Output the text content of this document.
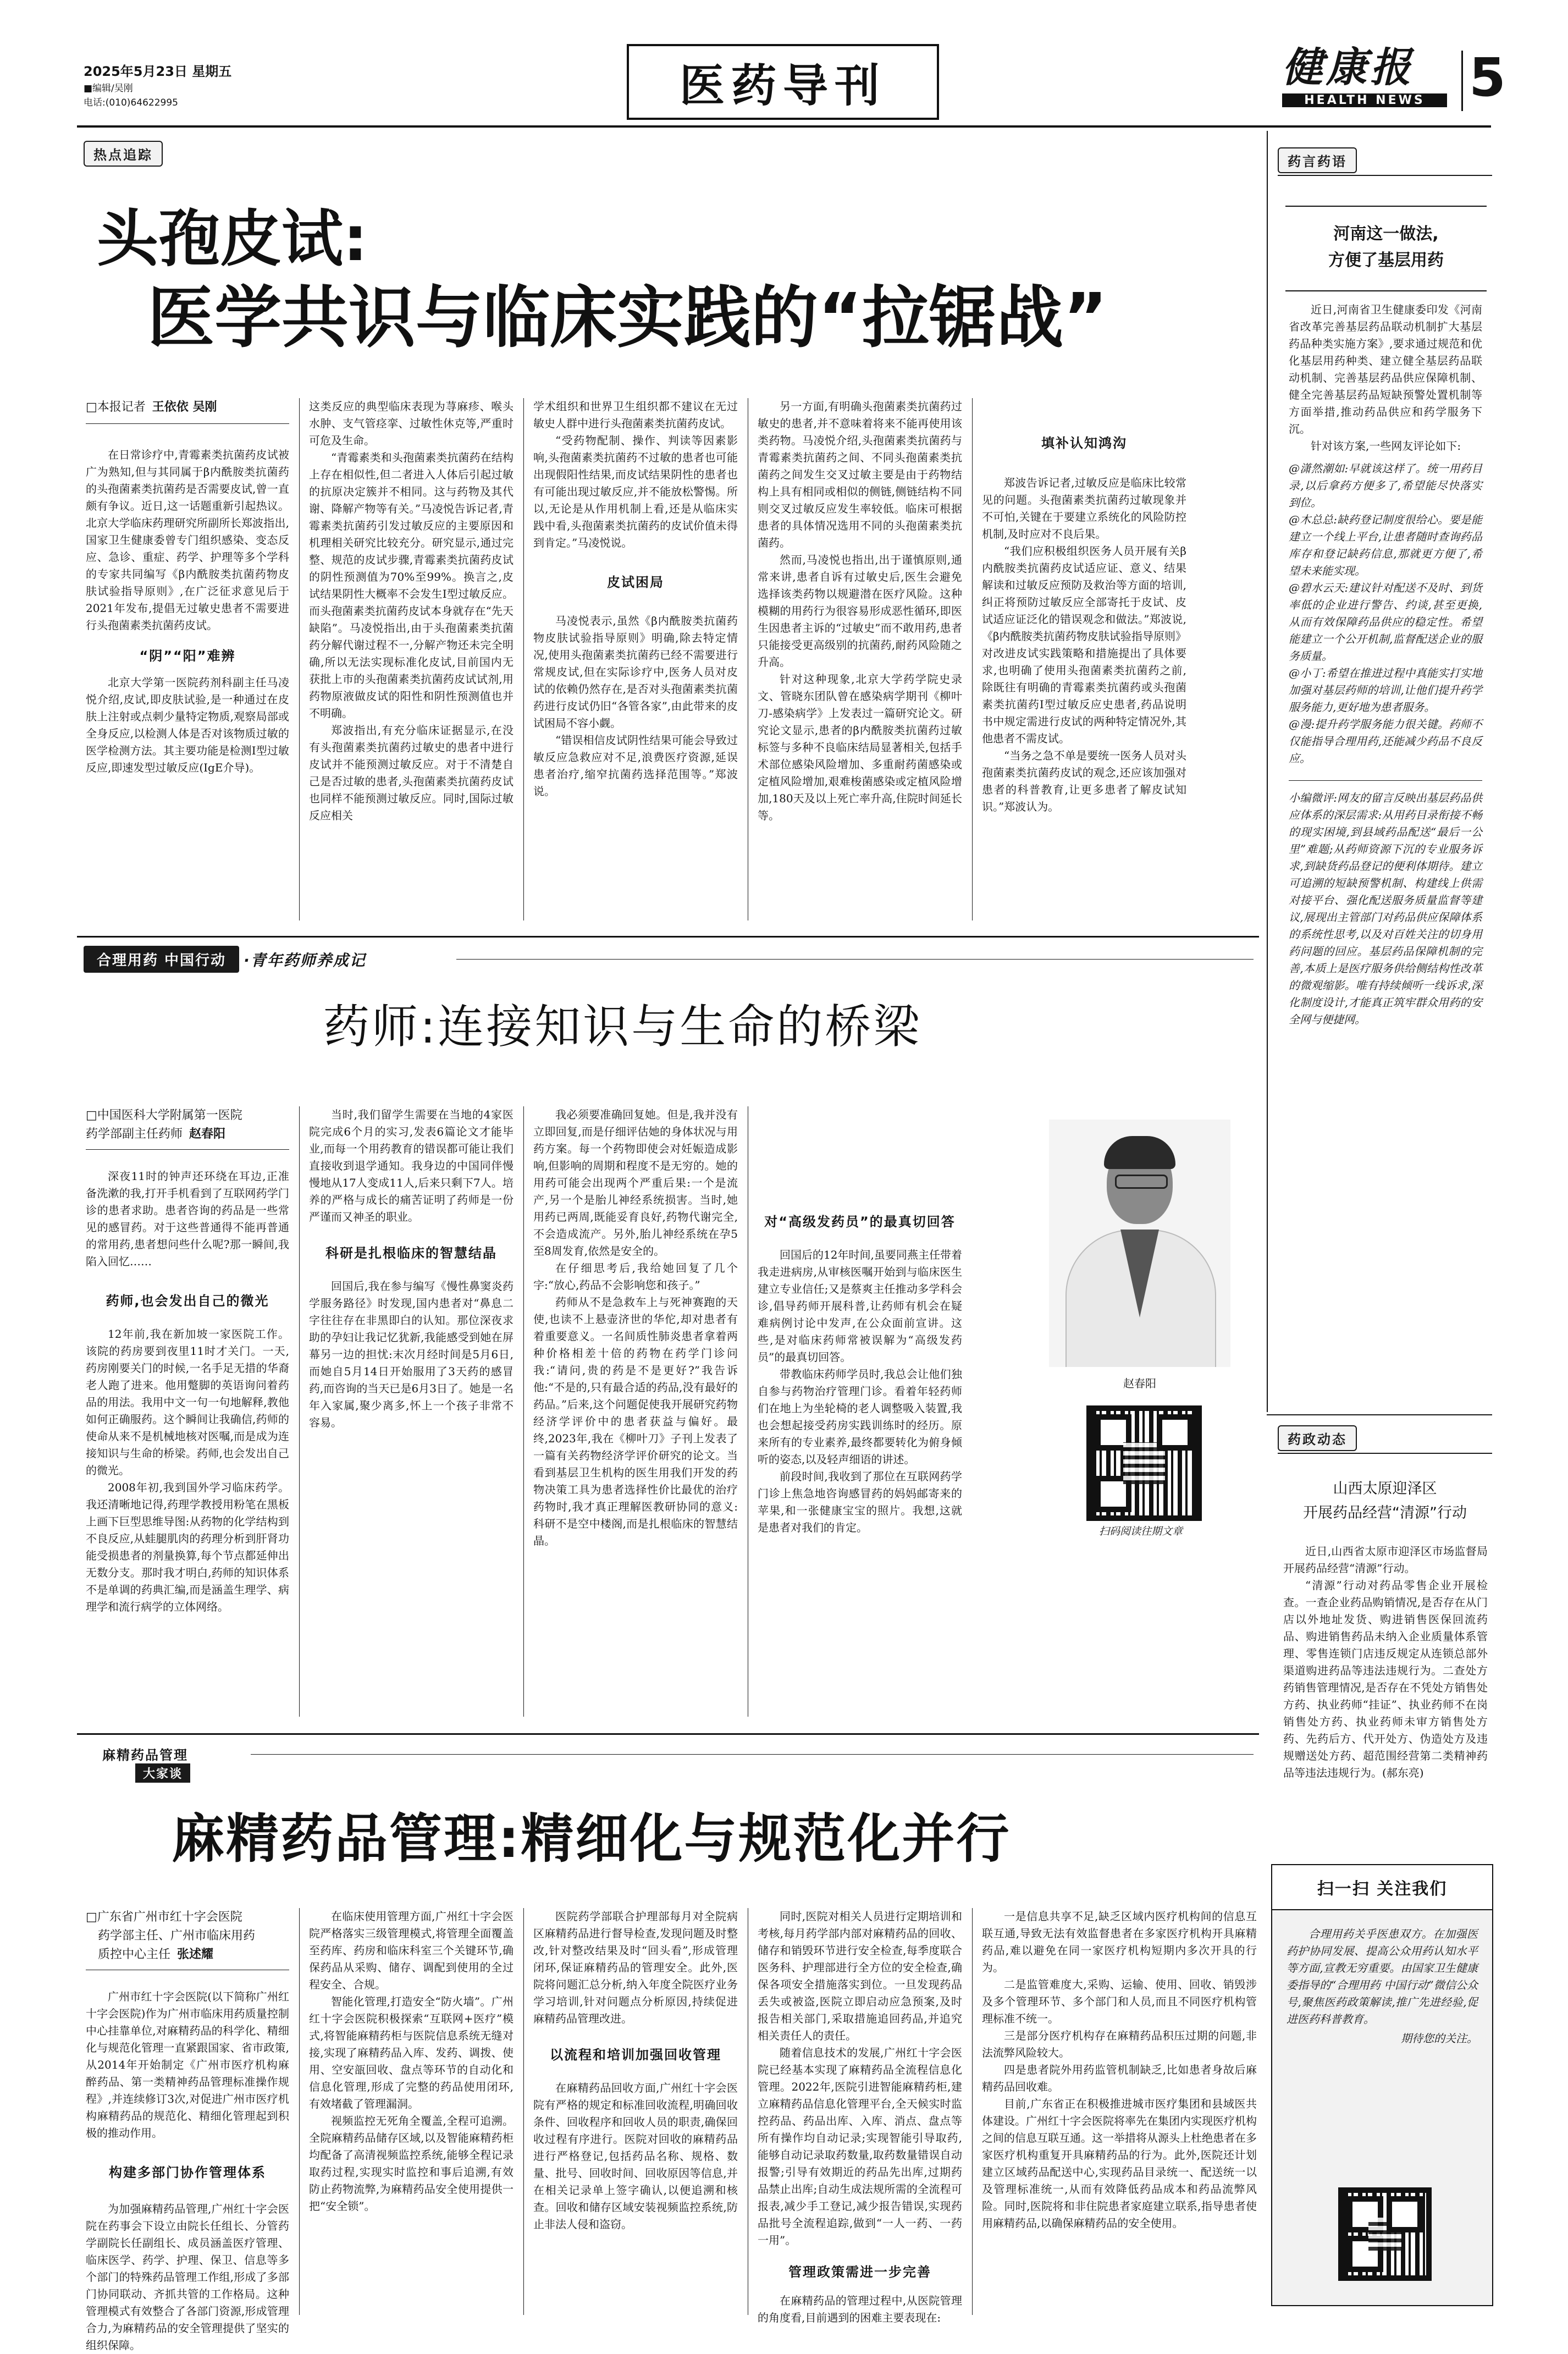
2025年5月23日 星期五
■编辑/吴刚
电话:(010)64622995	医药导刊	健康报
HEALTH NEWS 5
热点追踪
头孢皮试:
医学共识与临床实践的“拉锯战”
□本报记者 王依依 吴刚

在日常诊疗中,青霉素类抗菌药皮试被广为熟知,但与其同属于β内酰胺类抗菌药的头孢菌素类抗菌药是否需要皮试,曾一直颇有争议。近日,这一话题重新引起热议。北京大学临床药理研究所副所长郑波指出,国家卫生健康委曾专门组织感染、变态反应、急诊、重症、药学、护理等多个学科的专家共同编写《β内酰胺类抗菌药物皮肤试验指导原则》,在广泛征求意见后于2021年发布,提倡无过敏史患者不需要进行头孢菌素类抗菌药皮试。

“阴”“阳”难辨

北京大学第一医院药剂科副主任马凌悦介绍,皮试,即皮肤试验,是一种通过在皮肤上注射或点刺少量特定物质,观察局部或全身反应,以检测人体是否对该物质过敏的医学检测方法。其主要功能是检测Ⅰ型过敏反应,即速发型过敏反应(IgE介导)。

这类反应的典型临床表现为荨麻疹、喉头水肿、支气管痉挛、过敏性休克等,严重时可危及生命。

“青霉素类和头孢菌素类抗菌药在结构上存在相似性,但二者进入人体后引起过敏的抗原决定簇并不相同。这与药物及其代谢、降解产物等有关。”马凌悦告诉记者,青霉素类抗菌药引发过敏反应的主要原因和机理相关研究比较充分。研究显示,通过完整、规范的皮试步骤,青霉素类抗菌药皮试的阴性预测值为70%至99%。换言之,皮试结果阴性大概率不会发生Ⅰ型过敏反应。而头孢菌素类抗菌药皮试本身就存在“先天缺陷”。马凌悦指出,由于头孢菌素类抗菌药分解代谢过程不一,分解产物还未完全明确,所以无法实现标准化皮试,目前国内无获批上市的头孢菌素类抗菌药皮试试剂,用药物原液做皮试的阳性和阴性预测值也并不明确。

郑波指出,有充分临床证据显示,在没有头孢菌素类抗菌药过敏史的患者中进行皮试并不能预测过敏反应。对于不清楚自己是否过敏的患者,头孢菌素类抗菌药皮试也同样不能预测过敏反应。同时,国际过敏反应相关

学术组织和世界卫生组织都不建议在无过敏史人群中进行头孢菌素类抗菌药皮试。

“受药物配制、操作、判读等因素影响,头孢菌素类抗菌药不过敏的患者也可能出现假阳性结果,而皮试结果阴性的患者也有可能出现过敏反应,并不能放松警惕。所以,无论是从作用机制上看,还是从临床实践中看,头孢菌素类抗菌药的皮试价值未得到肯定。”马凌悦说。

皮试困局

马凌悦表示,虽然《β内酰胺类抗菌药物皮肤试验指导原则》明确,除去特定情况,使用头孢菌素类抗菌药已经不需要进行常规皮试,但在实际诊疗中,医务人员对皮试的依赖仍然存在,是否对头孢菌素类抗菌药进行皮试仍旧“各管各家”,由此带来的皮试困局不容小觑。

“错误相信皮试阴性结果可能会导致过敏反应急救应对不足,浪费医疗资源,延误患者治疗,缩窄抗菌药选择范围等。”郑波说。

另一方面,有明确头孢菌素类抗菌药过敏史的患者,并不意味着将来不能再使用该类药物。马凌悦介绍,头孢菌素类抗菌药与青霉素类抗菌药之间、不同头孢菌素类抗菌药之间发生交叉过敏主要是由于药物结构上具有相同或相似的侧链,侧链结构不同则交叉过敏反应发生率较低。临床可根据患者的具体情况选用不同的头孢菌素类抗菌药。

然而,马凌悦也指出,出于谨慎原则,通常来讲,患者自诉有过敏史后,医生会避免选择该类药物以规避潜在医疗风险。这种模糊的用药行为很容易形成恶性循环,即医生因患者主诉的“过敏史”而不敢用药,患者只能接受更高级别的抗菌药,耐药风险随之升高。

针对这种现象,北京大学药学院史录文、管晓东团队曾在感染病学期刊《柳叶刀-感染病学》上发表过一篇研究论文。研究论文显示,患者的β内酰胺类抗菌药过敏标签与多种不良临床结局显著相关,包括手术部位感染风险增加、多重耐药菌感染或定植风险增加,艰难梭菌感染或定植风险增加,180天及以上死亡率升高,住院时间延长等。

填补认知鸿沟

郑波告诉记者,过敏反应是临床比较常见的问题。头孢菌素类抗菌药过敏现象并不可怕,关键在于要建立系统化的风险防控机制,及时应对不良后果。

“我们应积极组织医务人员开展有关β内酰胺类抗菌药皮试适应证、意义、结果解读和过敏反应预防及救治等方面的培训,纠正将预防过敏反应全部寄托于皮试、皮试适应证泛化的错误观念和做法。”郑波说,《β内酰胺类抗菌药物皮肤试验指导原则》对改进皮试实践策略和措施提出了具体要求,也明确了使用头孢菌素类抗菌药之前,除既往有明确的青霉素类抗菌药或头孢菌素类抗菌药Ⅰ型过敏反应史患者,药品说明书中规定需进行皮试的两种特定情况外,其他患者不需皮试。

“当务之急不单是要统一医务人员对头孢菌素类抗菌药皮试的观念,还应该加强对患者的科普教育,让更多患者了解皮试知识。”郑波认为。

药言药语
河南这一做法,
方便了基层用药

近日,河南省卫生健康委印发《河南省改革完善基层药品联动机制扩大基层药品种类实施方案》,要求通过规范和优化基层用药种类、建立健全基层药品联动机制、完善基层药品供应保障机制、健全完善基层药品短缺预警处置机制等方面举措,推动药品供应和药学服务下沉。

针对该方案,一些网友评论如下:

@潇然潮如:早就该这样了。统一用药目录,以后拿药方便多了,希望能尽快落实到位。

@木总总:缺药登记制度很给心。要是能建立一个线上平台,让患者随时查询药品库存和登记缺药信息,那就更方便了,希望未来能实现。

@碧水云天:建议针对配送不及时、到货率低的企业进行警告、约谈,甚至更换,从而有效保障药品供应的稳定性。希望能建立一个公开机制,监督配送企业的服务质量。

@小丁:希望在推进过程中真能实打实地加强对基层药师的培训,让他们提升药学服务能力,更好地为患者服务。

@漫:提升药学服务能力很关键。药师不仅能指导合理用药,还能减少药品不良反应。

小编微评:网友的留言反映出基层药品供应体系的深层需求:从用药目录衔接不畅的现实困境,到县域药品配送“最后一公里”难题;从药师资源下沉的专业服务诉求,到缺货药品登记的便利体期待。建立可追溯的短缺预警机制、构建线上供需对接平台、强化配送服务质量监督等建议,展现出主管部门对药品供应保障体系的系统性思考,以及对百姓关注的切身用药问题的回应。基层药品保障机制的完善,本质上是医疗服务供给侧结构性改革的微观缩影。唯有持续倾听一线诉求,深化制度设计,才能真正筑牢群众用药的安全网与便捷网。

合理用药 中国行动	·青年药师养成记
药师:连接知识与生命的桥梁
□中国医科大学附属第一医院
药学部副主任药师 赵春阳

深夜11时的钟声还环绕在耳边,正准备洗漱的我,打开手机看到了互联网药学门诊的患者求助。患者咨询的药品是一些常见的感冒药。对于这些普通得不能再普通的常用药,患者想问些什么呢?那一瞬间,我陷入回忆……

药师,也会发出自己的微光

12年前,我在新加坡一家医院工作。该院的药房要到夜里11时才关门。一天,药房刚要关门的时候,一名手足无措的华裔老人跑了进来。他用蹩脚的英语询问着药品的用法。我用中文一句一句地解释,教他如何正确服药。这个瞬间让我确信,药师的使命从来不是机械地核对医嘱,而是成为连接知识与生命的桥梁。药师,也会发出自己的微光。

2008年初,我到国外学习临床药学。我还清晰地记得,药理学教授用粉笔在黑板上画下巨型思维导图:从药物的化学结构到不良反应,从蛙腿肌肉的药理分析到肝肾功能受损患者的剂量换算,每个节点都延伸出无数分支。那时我才明白,药师的知识体系不是单调的药典汇编,而是涵盖生理学、病理学和流行病学的立体网络。

当时,我们留学生需要在当地的4家医院完成6个月的实习,发表6篇论文才能毕业,而每一个用药教育的错误都可能让我们直接收到退学通知。我身边的中国同伴慢慢地从17人变成11人,后来只剩下7人。培养的严格与成长的痛苦证明了药师是一份严谨而又神圣的职业。

科研是扎根临床的智慧结晶

回国后,我在参与编写《慢性鼻窦炎药学服务路径》时发现,国内患者对“鼻息二字往往存在非黑即白的认知。那位深夜求助的孕妇让我记忆犹新,我能感受到她在屏幕另一边的担忧:末次月经时间是5月6日,而她自5月14日开始服用了3天药的感冒药,而咨询的当天已是6月3日了。她是一名年入家属,聚少离多,怀上一个孩子非常不容易。

我必须要准确回复她。但是,我并没有立即回复,而是仔细评估她的身体状况与用药方案。每一个药物即使会对妊娠造成影响,但影响的周期和程度不是无穷的。她的用药可能会出现两个严重后果:一个是流产,另一个是胎儿神经系统损害。当时,她用药已两周,既能妥育良好,药物代谢完全,不会造成流产。另外,胎儿神经系统在孕5至8周发育,依然是安全的。

在仔细思考后,我给她回复了几个字:“放心,药品不会影响您和孩子。”

药师从不是急救车上与死神赛跑的天使,也读不上悬壶济世的华佗,却对患者有着重要意义。一名间质性肺炎患者拿着两种价格相差十倍的药物在药学门诊问我:“请问,贵的药是不是更好?”我告诉他:“不是的,只有最合适的药品,没有最好的药品。”后来,这个问题促使我开展研究药物经济学评价中的患者获益与偏好。最终,2023年,我在《柳叶刀》子刊上发表了一篇有关药物经济学评价研究的论文。当看到基层卫生机构的医生用我们开发的药物决策工具为患者选择性价比最优的治疗药物时,我才真正理解医教研协同的意义:科研不是空中楼阁,而是扎根临床的智慧结晶。

对“高级发药员”的最真切回答

回国后的12年时间,虽要同燕主任带着我走进病房,从审核医嘱开始到与临床医生建立专业信任;又是蔡爽主任推动多学科会诊,倡导药师开展科普,让药师有机会在疑难病例讨论中发声,在公众面前宣讲。这些,是对临床药师常被误解为“高级发药员”的最真切回答。

带教临床药师学员时,我总会让他们独自参与药物治疗管理门诊。看着年轻药师们在地上为坐轮椅的老人调整吸入装置,我也会想起接受药房实践训练时的经历。原来所有的专业素养,最终都要转化为俯身倾听的姿态,以及轻声细语的讲述。

前段时间,我收到了那位在互联网药学门诊上焦急地咨询感冒药的妈妈邮寄来的苹果,和一张健康宝宝的照片。我想,这就是患者对我们的肯定。

赵春阳
扫码阅读往期文章
药政动态
山西太原迎泽区
开展药品经营“清源”行动

近日,山西省太原市迎泽区市场监督局开展药品经营“清源”行动。

“清源”行动对药品零售企业开展检查。一查企业药品购销情况,是否存在从门店以外地址发货、购进销售医保回流药品、购进销售药品未纳入企业质量体系管理、零售连锁门店违反规定从连锁总部外渠道购进药品等违法违规行为。二查处方药销售管理情况,是否存在不凭处方销售处方药、执业药师“挂证”、执业药师不在岗销售处方药、执业药师未审方销售处方药、先药后方、代开处方、伪造处方及违规赠送处方药、超范围经营第二类精神药品等违法违规行为。(郝东亮)

麻精药品管理
大家谈
麻精药品管理:精细化与规范化并行
□广东省广州市红十字会医院
药学部主任、广州市临床用药
质控中心主任 张述耀

广州市红十字会医院(以下简称广州红十字会医院)作为广州市临床用药质量控制中心挂靠单位,对麻精药品的科学化、精细化与规范化管理一直紧跟国家、省市政策,从2014年开始制定《广州市医疗机构麻醉药品、第一类精神药品管理标准操作规程》,并连续修订3次,对促进广州市医疗机构麻精药品的规范化、精细化管理起到积极的推动作用。

构建多部门协作管理体系

为加强麻精药品管理,广州红十字会医院在药事会下设立由院长任组长、分管药学副院长任副组长、成员涵盖医疗管理、临床医学、药学、护理、保卫、信息等多个部门的特殊药品管理工作组,形成了多部门协同联动、齐抓共管的工作格局。这种管理模式有效整合了各部门资源,形成管理合力,为麻精药品的安全管理提供了坚实的组织保障。

在临床使用管理方面,广州红十字会医院严格落实三级管理模式,将管理全面覆盖至药库、药房和临床科室三个关键环节,确保药品从采购、储存、调配到使用的全过程安全、合规。

智能化管理,打造安全“防火墙”。广州红十字会医院积极探索“互联网+医疗”模式,将智能麻精药柜与医院信息系统无缝对接,实现了麻精药品入库、发药、调拨、使用、空安瓿回收、盘点等环节的自动化和信息化管理,形成了完整的药品使用闭环,有效堵截了管理漏洞。

视频监控无死角全覆盖,全程可追溯。全院麻精药品储存区域,以及智能麻精药柜均配备了高清视频监控系统,能够全程记录取药过程,实现实时监控和事后追溯,有效防止药物流弊,为麻精药品安全使用提供一把“安全锁”。

医院药学部联合护理部每月对全院病区麻精药品进行督导检查,发现问题及时整改,针对整改结果及时“回头看”,形成管理闭环,保证麻精药品的管理安全。此外,医院将问题汇总分析,纳入年度全院医疗业务学习培训,针对问题点分析原因,持续促进麻精药品管理改进。

以流程和培训加强回收管理

在麻精药品回收方面,广州红十字会医院有严格的规定和标准回收流程,明确回收条件、回收程序和回收人员的职责,确保回收过程有序进行。医院对回收的麻精药品进行严格登记,包括药品名称、规格、数量、批号、回收时间、回收原因等信息,并在相关记录单上签字确认,以便追溯和核查。回收和储存区域安装视频监控系统,防止非法人侵和盗窃。

同时,医院对相关人员进行定期培训和考核,每月药学部内部对麻精药品的回收、储存和销毁环节进行安全检查,每季度联合医务科、护理部进行全方位的安全检查,确保各项安全措施落实到位。一旦发现药品丢失或被盗,医院立即启动应急预案,及时报告相关部门,采取措施追回药品,并追究相关责任人的责任。

随着信息技术的发展,广州红十字会医院已经基本实现了麻精药品全流程信息化管理。2022年,医院引进智能麻精药柜,建立麻精药品信息化管理平台,全天候实时监控药品、药品出库、入库、消点、盘点等所有操作均自动记录;实现智能引导取药,能够自动记录取药数量,取药数量错误自动报警;引导有效期近的药品先出库,过期药品禁止出库;自动生成法规所需的全流程可报表,减少手工登记,减少报告错误,实现药品批号全流程追踪,做到“一人一药、一药一用”。

管理政策需进一步完善

在麻精药品的管理过程中,从医院管理的角度看,目前遇到的困难主要表现在:

一是信息共享不足,缺乏区域内医疗机构间的信息互联互通,导致无法有效监督患者在多家医疗机构开具麻精药品,难以避免在同一家医疗机构短期内多次开具的行为。

二是监管难度大,采购、运输、使用、回收、销毁涉及多个管理环节、多个部门和人员,而且不同医疗机构管理标准不统一。

三是部分医疗机构存在麻精药品积压过期的问题,非法流弊风险较大。

四是患者院外用药监管机制缺乏,比如患者身故后麻精药品回收难。

目前,广东省正在积极推进城市医疗集团和县域医共体建设。广州红十字会医院将率先在集团内实现医疗机构之间的信息互联互通。这一举措将从源头上杜绝患者在多家医疗机构重复开具麻精药品的行为。此外,医院还计划建立区域药品配送中心,实现药品目录统一、配送统一以及管理标准统一,从而有效降低药品成本和药品流弊风险。同时,医院将和非住院患者家庭建立联系,指导患者使用麻精药品,以确保麻精药品的安全使用。

扫一扫 关注我们

合理用药关乎医患双方。在加强医药护协同发展、提高公众用药认知水平等方面,宣教无穷重要。由国家卫生健康委指导的“合理用药 中国行动”微信公众号,聚焦医药政策解读,推广先进经验,促进医药科普教育。

期待您的关注。
